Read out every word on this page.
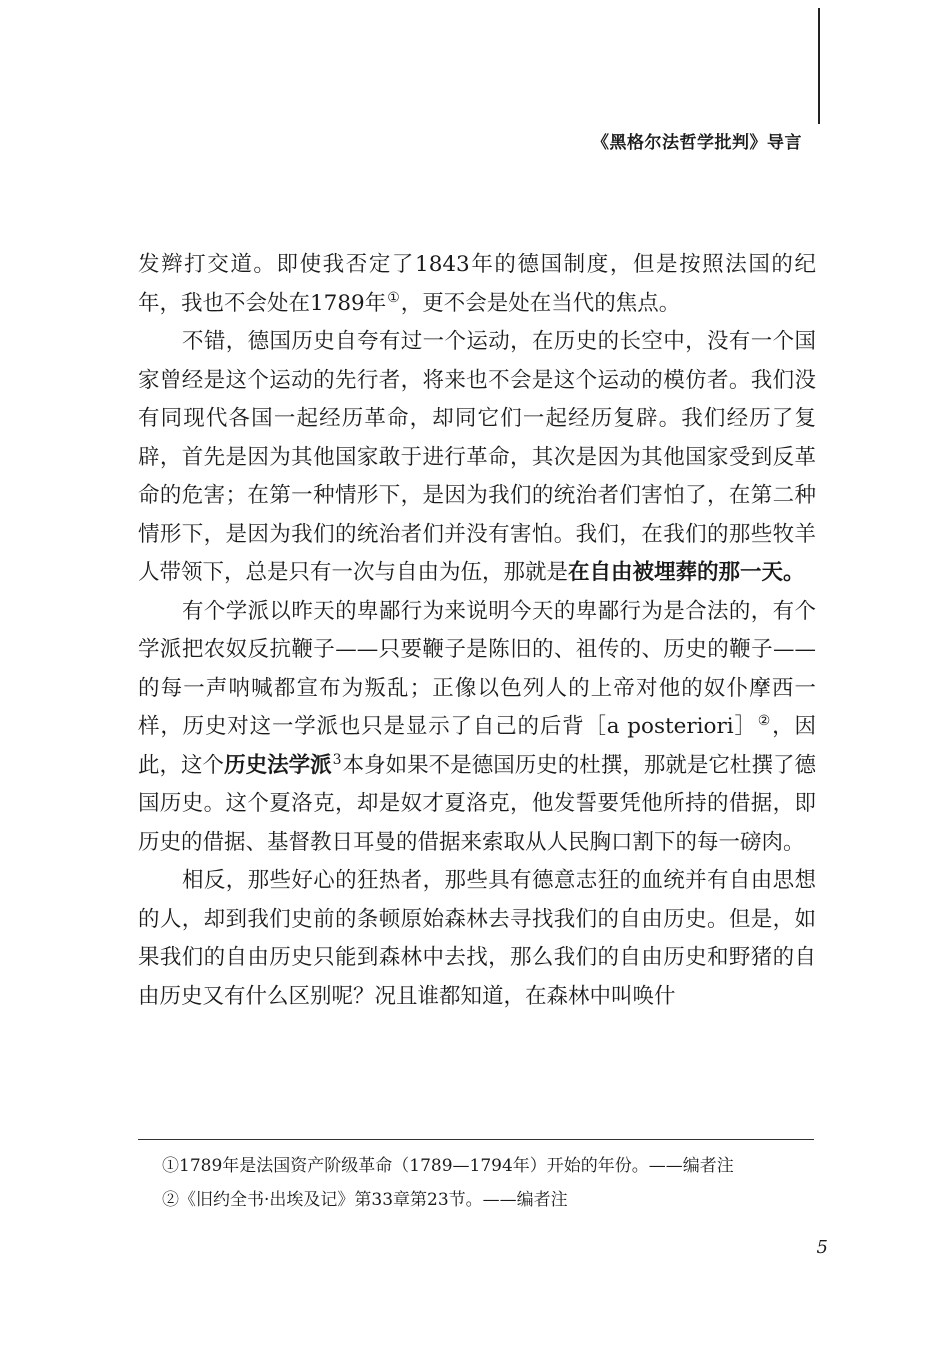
《黑格尔法哲学批判》导言

发辫打交道。即使我否定了1843年的德国制度，但是按照法国的纪年，我也不会处在1789年①，更不会是处在当代的焦点。

不错，德国历史自夸有过一个运动，在历史的长空中，没有一个国家曾经是这个运动的先行者，将来也不会是这个运动的模仿者。我们没有同现代各国一起经历革命，却同它们一起经历复辟。我们经历了复辟，首先是因为其他国家敢于进行革命，其次是因为其他国家受到反革命的危害；在第一种情形下，是因为我们的统治者们害怕了，在第二种情形下，是因为我们的统治者们并没有害怕。我们，在我们的那些牧羊人带领下，总是只有一次与自由为伍，那就是在自由被埋葬的那一天。

有个学派以昨天的卑鄙行为来说明今天的卑鄙行为是合法的，有个学派把农奴反抗鞭子——只要鞭子是陈旧的、祖传的、历史的鞭子——的每一声呐喊都宣布为叛乱；正像以色列人的上帝对他的奴仆摩西一样，历史对这一学派也只是显示了自己的后背［a posteriori］②，因此，这个历史法学派$^3$本身如果不是德国历史的杜撰，那就是它杜撰了德国历史。这个夏洛克，却是奴才夏洛克，他发誓要凭他所持的借据，即历史的借据、基督教日耳曼的借据来索取从人民胸口割下的每一磅肉。

相反，那些好心的狂热者，那些具有德意志狂的血统并有自由思想的人，却到我们史前的条顿原始森林去寻找我们的自由历史。但是，如果我们的自由历史只能到森林中去找，那么我们的自由历史和野猪的自由历史又有什么区别呢？况且谁都知道，在森林中叫唤什

①1789年是法国资产阶级革命（1789—1794年）开始的年份。——编者注
②《旧约全书·出埃及记》第33章第23节。——编者注
5
